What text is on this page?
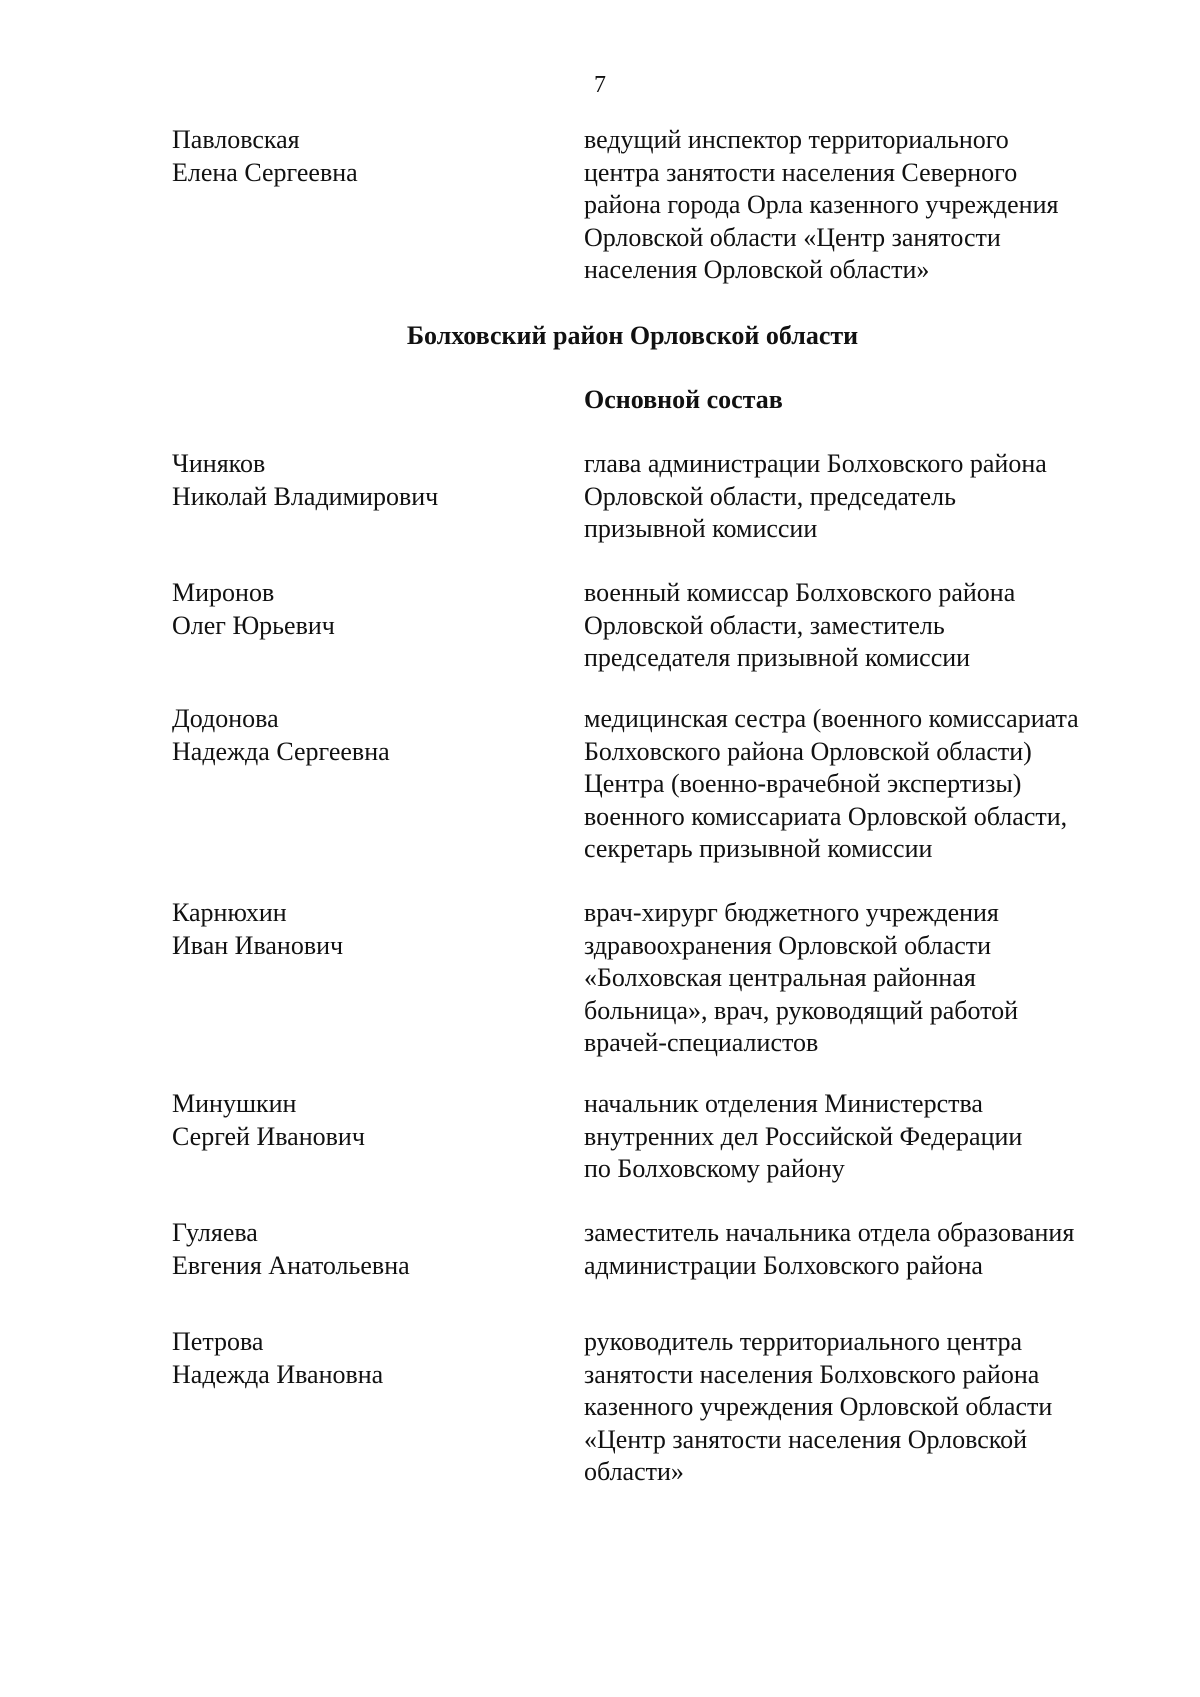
7
Павловская
Елена Сергеевна
ведущий инспектор территориального
центра занятости населения Северного
района города Орла казенного учреждения
Орловской области «Центр занятости
населения Орловской области»
Болховский район Орловской области
Основной состав
Чиняков
Николай Владимирович
глава администрации Болховского района
Орловской области, председатель
призывной комиссии
Миронов
Олег Юрьевич
военный комиссар Болховского района
Орловской области, заместитель
председателя призывной комиссии
Додонова
Надежда Сергеевна
медицинская сестра (военного комиссариата
Болховского района Орловской области)
Центра (военно-врачебной экспертизы)
военного комиссариата Орловской области,
секретарь призывной комиссии
Карнюхин
Иван Иванович
врач-хирург бюджетного учреждения
здравоохранения Орловской области
«Болховская центральная районная
больница», врач, руководящий работой
врачей-специалистов
Минушкин
Сергей Иванович
начальник отделения Министерства
внутренних дел Российской Федерации
по Болховскому району
Гуляева
Евгения Анатольевна
заместитель начальника отдела образования
администрации Болховского района
Петрова
Надежда Ивановна
руководитель территориального центра
занятости населения Болховского района
казенного учреждения Орловской области
«Центр занятости населения Орловской
области»
